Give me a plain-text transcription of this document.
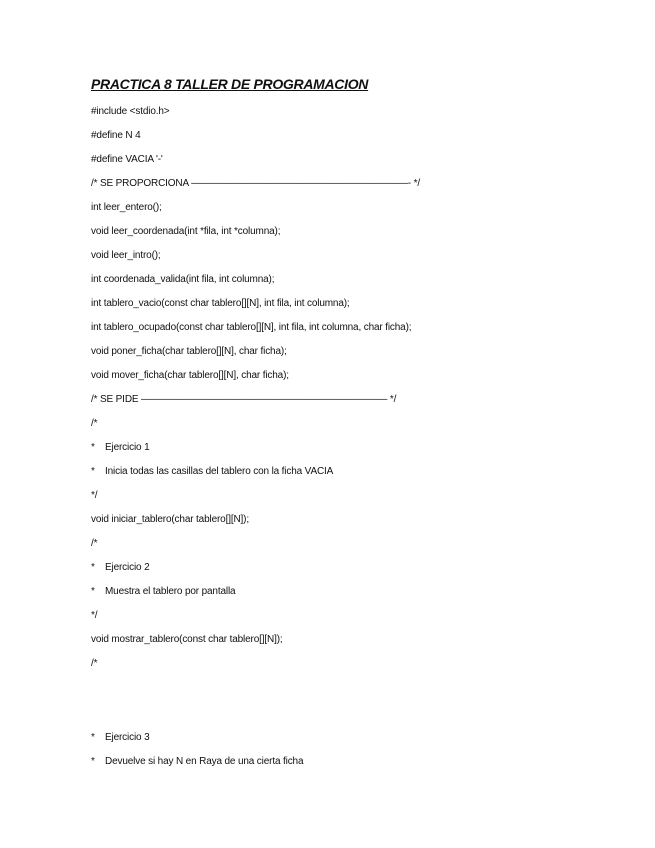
PRACTICA 8 TALLER DE PROGRAMACION
#include <stdio.h>
#define N 4
#define VACIA '-'
/* SE PROPORCIONA ——————————————————————- */
int leer_entero();
void leer_coordenada(int *fila, int *columna);
void leer_intro();
int coordenada_valida(int fila, int columna);
int tablero_vacio(const char tablero[][N], int fila, int columna);
int tablero_ocupado(const char tablero[][N], int fila, int columna, char ficha);
void poner_ficha(char tablero[][N], char ficha);
void mover_ficha(char tablero[][N], char ficha);
/* SE PIDE ————————————————————————— */
/*
* Ejercicio 1
* Inicia todas las casillas del tablero con la ficha VACIA
*/
void iniciar_tablero(char tablero[][N]);
/*
* Ejercicio 2
* Muestra el tablero por pantalla
*/
void mostrar_tablero(const char tablero[][N]);
/*
* Ejercicio 3
* Devuelve si hay N en Raya de una cierta ficha
